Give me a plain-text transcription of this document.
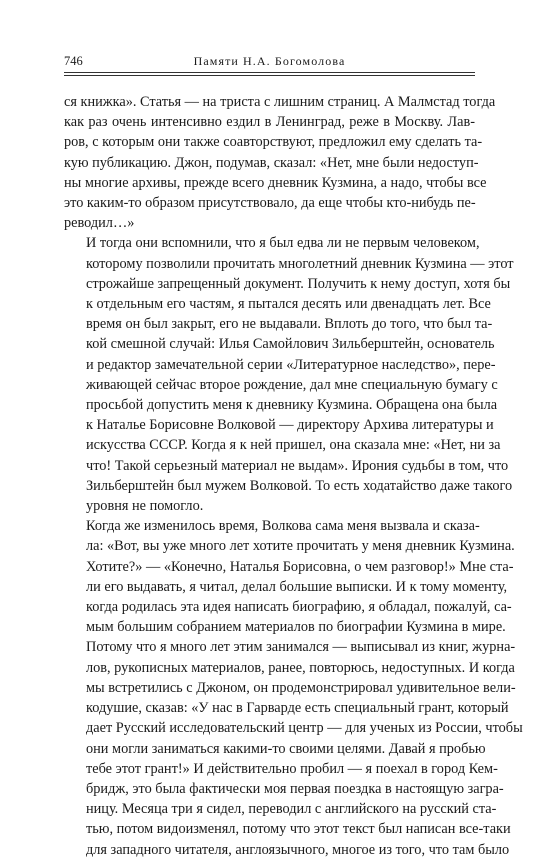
746	Памяти Н.А. Богомолова
ся книжка». Статья — на триста с лишним страниц. А Малмстад тогда
как раз очень интенсивно ездил в Ленинград, реже в Москву. Лав-
ров, с которым они также соавторствуют, предложил ему сделать та-
кую публикацию. Джон, подумав, сказал: «Нет, мне были недоступ-
ны многие архивы, прежде всего дневник Кузмина, а надо, чтобы все
это каким-то образом присутствовало, да еще чтобы кто-нибудь пе-
реводил…»
И тогда они вспомнили, что я был едва ли не первым человеком,
которому позволили прочитать многолетний дневник Кузмина — этот
строжайше запрещенный документ. Получить к нему доступ, хотя бы
к отдельным его частям, я пытался десять или двенадцать лет. Все
время он был закрыт, его не выдавали. Вплоть до того, что был та-
кой смешной случай: Илья Самойлович Зильберштейн, основатель
и редактор замечательной серии «Литературное наследство», пере-
живающей сейчас второе рождение, дал мне специальную бумагу с
просьбой допустить меня к дневнику Кузмина. Обращена она была
к Наталье Борисовне Волковой — директору Архива литературы и
искусства СССР. Когда я к ней пришел, она сказала мне: «Нет, ни за
что! Такой серьезный материал не выдам». Ирония судьбы в том, что
Зильберштейн был мужем Волковой. То есть ходатайство даже такого
уровня не помогло.
Когда же изменилось время, Волкова сама меня вызвала и сказа-
ла: «Вот, вы уже много лет хотите прочитать у меня дневник Кузмина.
Хотите?» — «Конечно, Наталья Борисовна, о чем разговор!» Мне ста-
ли его выдавать, я читал, делал большие выписки. И к тому моменту,
когда родилась эта идея написать биографию, я обладал, пожалуй, са-
мым большим собранием материалов по биографии Кузмина в мире.
Потому что я много лет этим занимался — выписывал из книг, журна-
лов, рукописных материалов, ранее, повторюсь, недоступных. И когда
мы встретились с Джоном, он продемонстрировал удивительное вели-
кодушие, сказав: «У нас в Гарварде есть специальный грант, который
дает Русский исследовательский центр — для ученых из России, чтобы
они могли заниматься какими-то своими целями. Давай я пробью
тебе этот грант!» И действительно пробил — я поехал в город Кем-
бридж, это была фактически моя первая поездка в настоящую загра-
ницу. Месяца три я сидел, переводил с английского на русский ста-
тью, потом видоизменял, потому что этот текст был написан все-таки
для западного читателя, англоязычного, многое из того, что там было
